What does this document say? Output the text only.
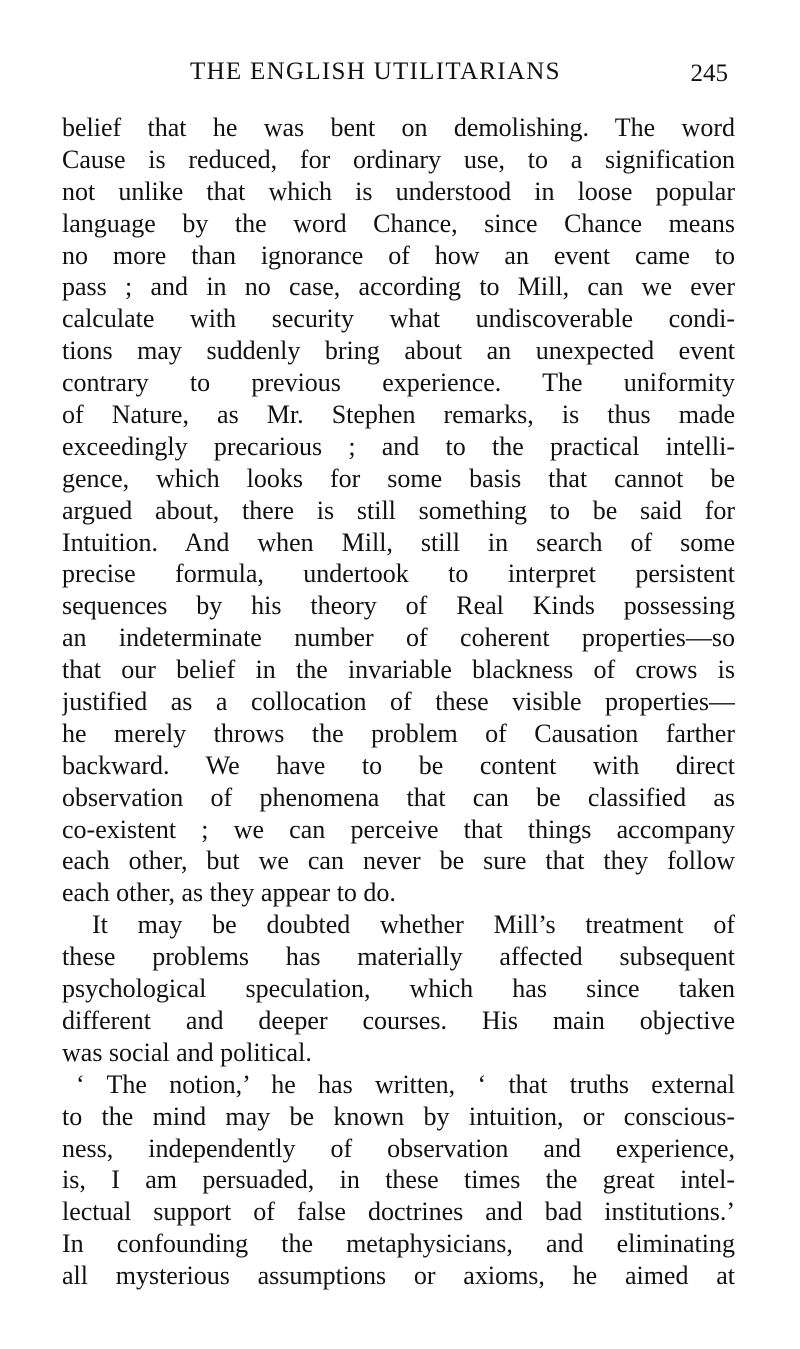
THE ENGLISH UTILITARIANS	245
belief that he was bent on demolishing. The word
Cause is reduced, for ordinary use, to a signification
not unlike that which is understood in loose popular
language by the word Chance, since Chance means
no more than ignorance of how an event came to
pass ; and in no case, according to Mill, can we ever
calculate with security what undiscoverable condi-
tions may suddenly bring about an unexpected event
contrary to previous experience. The uniformity
of Nature, as Mr. Stephen remarks, is thus made
exceedingly precarious ; and to the practical intelli-
gence, which looks for some basis that cannot be
argued about, there is still something to be said for
Intuition. And when Mill, still in search of some
precise formula, undertook to interpret persistent
sequences by his theory of Real Kinds possessing
an indeterminate number of coherent properties—so
that our belief in the invariable blackness of crows is
justified as a collocation of these visible properties—
he merely throws the problem of Causation farther
backward. We have to be content with direct
observation of phenomena that can be classified as
co-existent ; we can perceive that things accompany
each other, but we can never be sure that they follow
each other, as they appear to do.
It may be doubted whether Mill’s treatment of
these problems has materially affected subsequent
psychological speculation, which has since taken
different and deeper courses. His main objective
was social and political.
‘ The notion,’ he has written, ‘ that truths external
to the mind may be known by intuition, or conscious-
ness, independently of observation and experience,
is, I am persuaded, in these times the great intel-
lectual support of false doctrines and bad institutions.’
In confounding the metaphysicians, and eliminating
all mysterious assumptions or axioms, he aimed at
